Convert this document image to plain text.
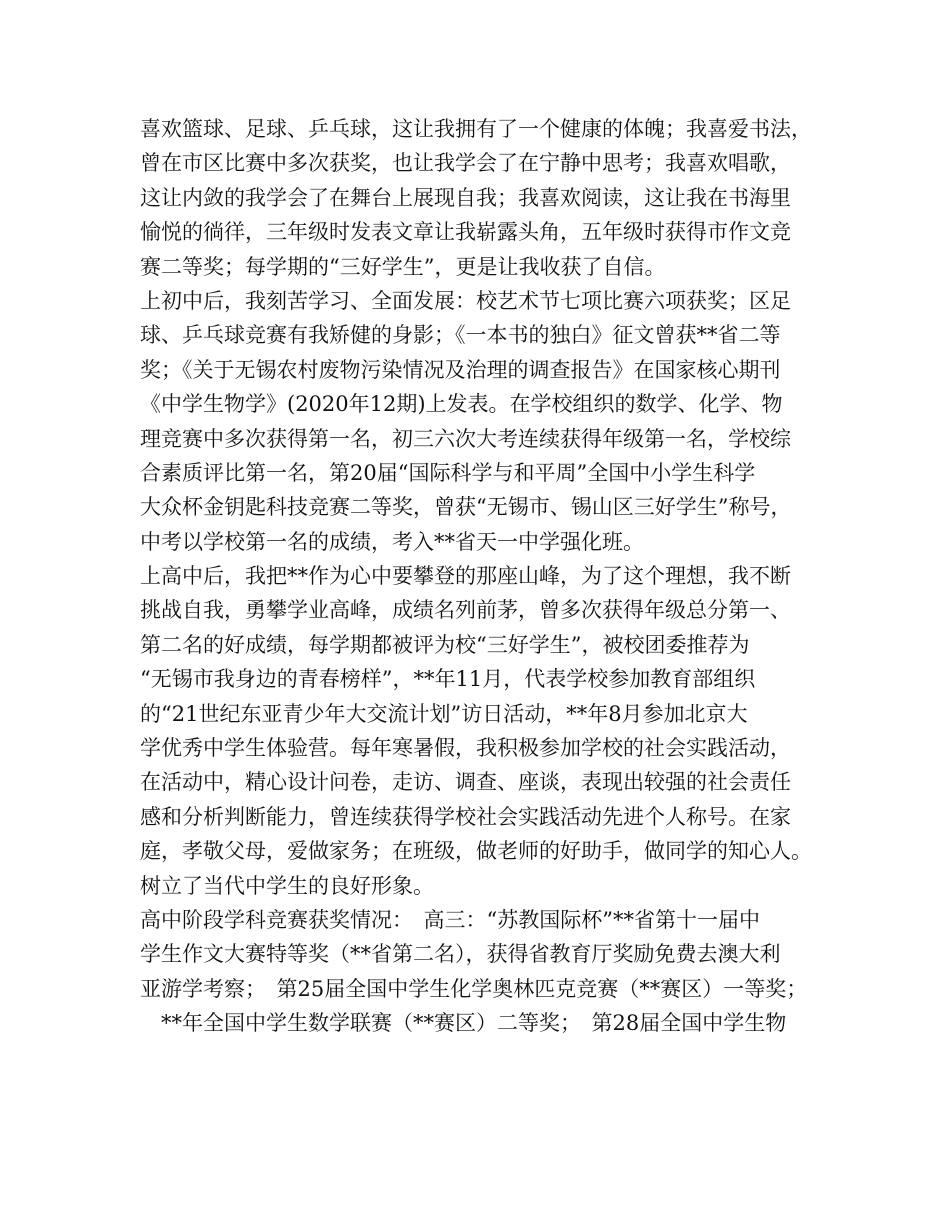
喜欢篮球、足球、乒乓球，这让我拥有了一个健康的体魄；我喜爱书法，
曾在市区比赛中多次获奖，也让我学会了在宁静中思考；我喜欢唱歌，
这让内敛的我学会了在舞台上展现自我；我喜欢阅读，这让我在书海里
愉悦的徜徉，三年级时发表文章让我崭露头角，五年级时获得市作文竞
赛二等奖；每学期的“三好学生”，更是让我收获了自信。
上初中后，我刻苦学习、全面发展：校艺术节七项比赛六项获奖；区足
球、乒乓球竞赛有我矫健的身影；《一本书的独白》征文曾获**省二等
奖；《关于无锡农村废物污染情况及治理的调查报告》在国家核心期刊
《中学生物学》(2020年12期)上发表。在学校组织的数学、化学、物
理竞赛中多次获得第一名，初三六次大考连续获得年级第一名，学校综
合素质评比第一名，第20届“国际科学与和平周”全国中小学生科学
大众杯金钥匙科技竞赛二等奖，曾获“无锡市、锡山区三好学生”称号，
中考以学校第一名的成绩，考入**省天一中学强化班。
上高中后，我把**作为心中要攀登的那座山峰，为了这个理想，我不断
挑战自我，勇攀学业高峰，成绩名列前茅，曾多次获得年级总分第一、
第二名的好成绩，每学期都被评为校“三好学生”，被校团委推荐为
“无锡市我身边的青春榜样”，**年11月，代表学校参加教育部组织
的“21世纪东亚青少年大交流计划”访日活动，**年8月参加北京大
学优秀中学生体验营。每年寒暑假，我积极参加学校的社会实践活动，
在活动中，精心设计问卷，走访、调查、座谈，表现出较强的社会责任
感和分析判断能力，曾连续获得学校社会实践活动先进个人称号。在家
庭，孝敬父母，爱做家务；在班级，做老师的好助手，做同学的知心人。
树立了当代中学生的良好形象。
高中阶段学科竞赛获奖情况：　高三：“苏教国际杯”**省第十一届中
学生作文大赛特等奖（**省第二名），获得省教育厅奖励免费去澳大利
亚游学考察；　第25届全国中学生化学奥林匹克竞赛（**赛区）一等奖；
　**年全国中学生数学联赛（**赛区）二等奖；　第28届全国中学生物
